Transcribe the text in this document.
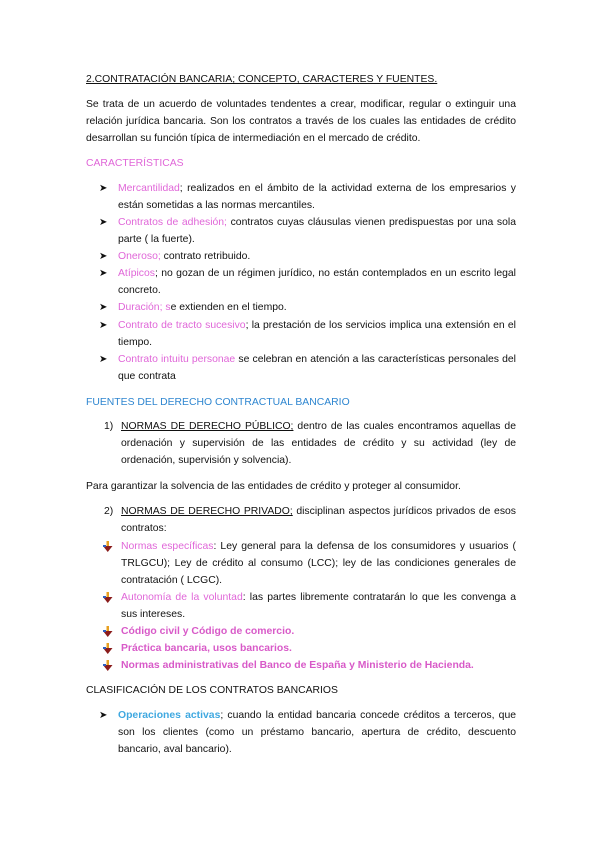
2.CONTRATACIÓN BANCARIA; CONCEPTO, CARACTERES Y FUENTES.
Se trata de un acuerdo de voluntades tendentes a crear, modificar, regular o extinguir una relación jurídica bancaria. Son los contratos a través de los cuales las entidades de crédito desarrollan su función típica de intermediación en el mercado de crédito.
CARACTERÍSTICAS
➤ Mercantilidad; realizados en el ámbito de la actividad externa de los empresarios y están sometidas a las normas mercantiles.
➤ Contratos de adhesión; contratos cuyas cláusulas vienen predispuestas por una sola parte ( la fuerte).
➤ Oneroso; contrato retribuido.
➤ Atípicos; no gozan de un régimen jurídico, no están contemplados en un escrito legal concreto.
➤ Duración; se extienden en el tiempo.
➤ Contrato de tracto sucesivo; la prestación de los servicios implica una extensión en el tiempo.
➤ Contrato intuitu personae se celebran en atención a las características personales del que contrata
FUENTES DEL DERECHO CONTRACTUAL BANCARIO
1) NORMAS DE DERECHO PÚBLICO; dentro de las cuales encontramos aquellas de ordenación y supervisión de las entidades de crédito y su actividad (ley de ordenación, supervisión y solvencia).
Para garantizar la solvencia de las entidades de crédito y proteger al consumidor.
2) NORMAS DE DERECHO PRIVADO; disciplinan aspectos jurídicos privados de esos contratos:
Normas específicas: Ley general para la defensa de los consumidores y usuarios ( TRLGCU); Ley de crédito al consumo (LCC); ley de las condiciones generales de contratación ( LCGC).
Autonomía de la voluntad: las partes libremente contratarán lo que les convenga a sus intereses.
Código civil y Código de comercio.
Práctica bancaria, usos bancarios.
Normas administrativas del Banco de España y Ministerio de Hacienda.
CLASIFICACIÓN DE LOS CONTRATOS BANCARIOS
➤ Operaciones activas; cuando la entidad bancaria concede créditos a terceros, que son los clientes (como un préstamo bancario, apertura de crédito, descuento bancario, aval bancario).
